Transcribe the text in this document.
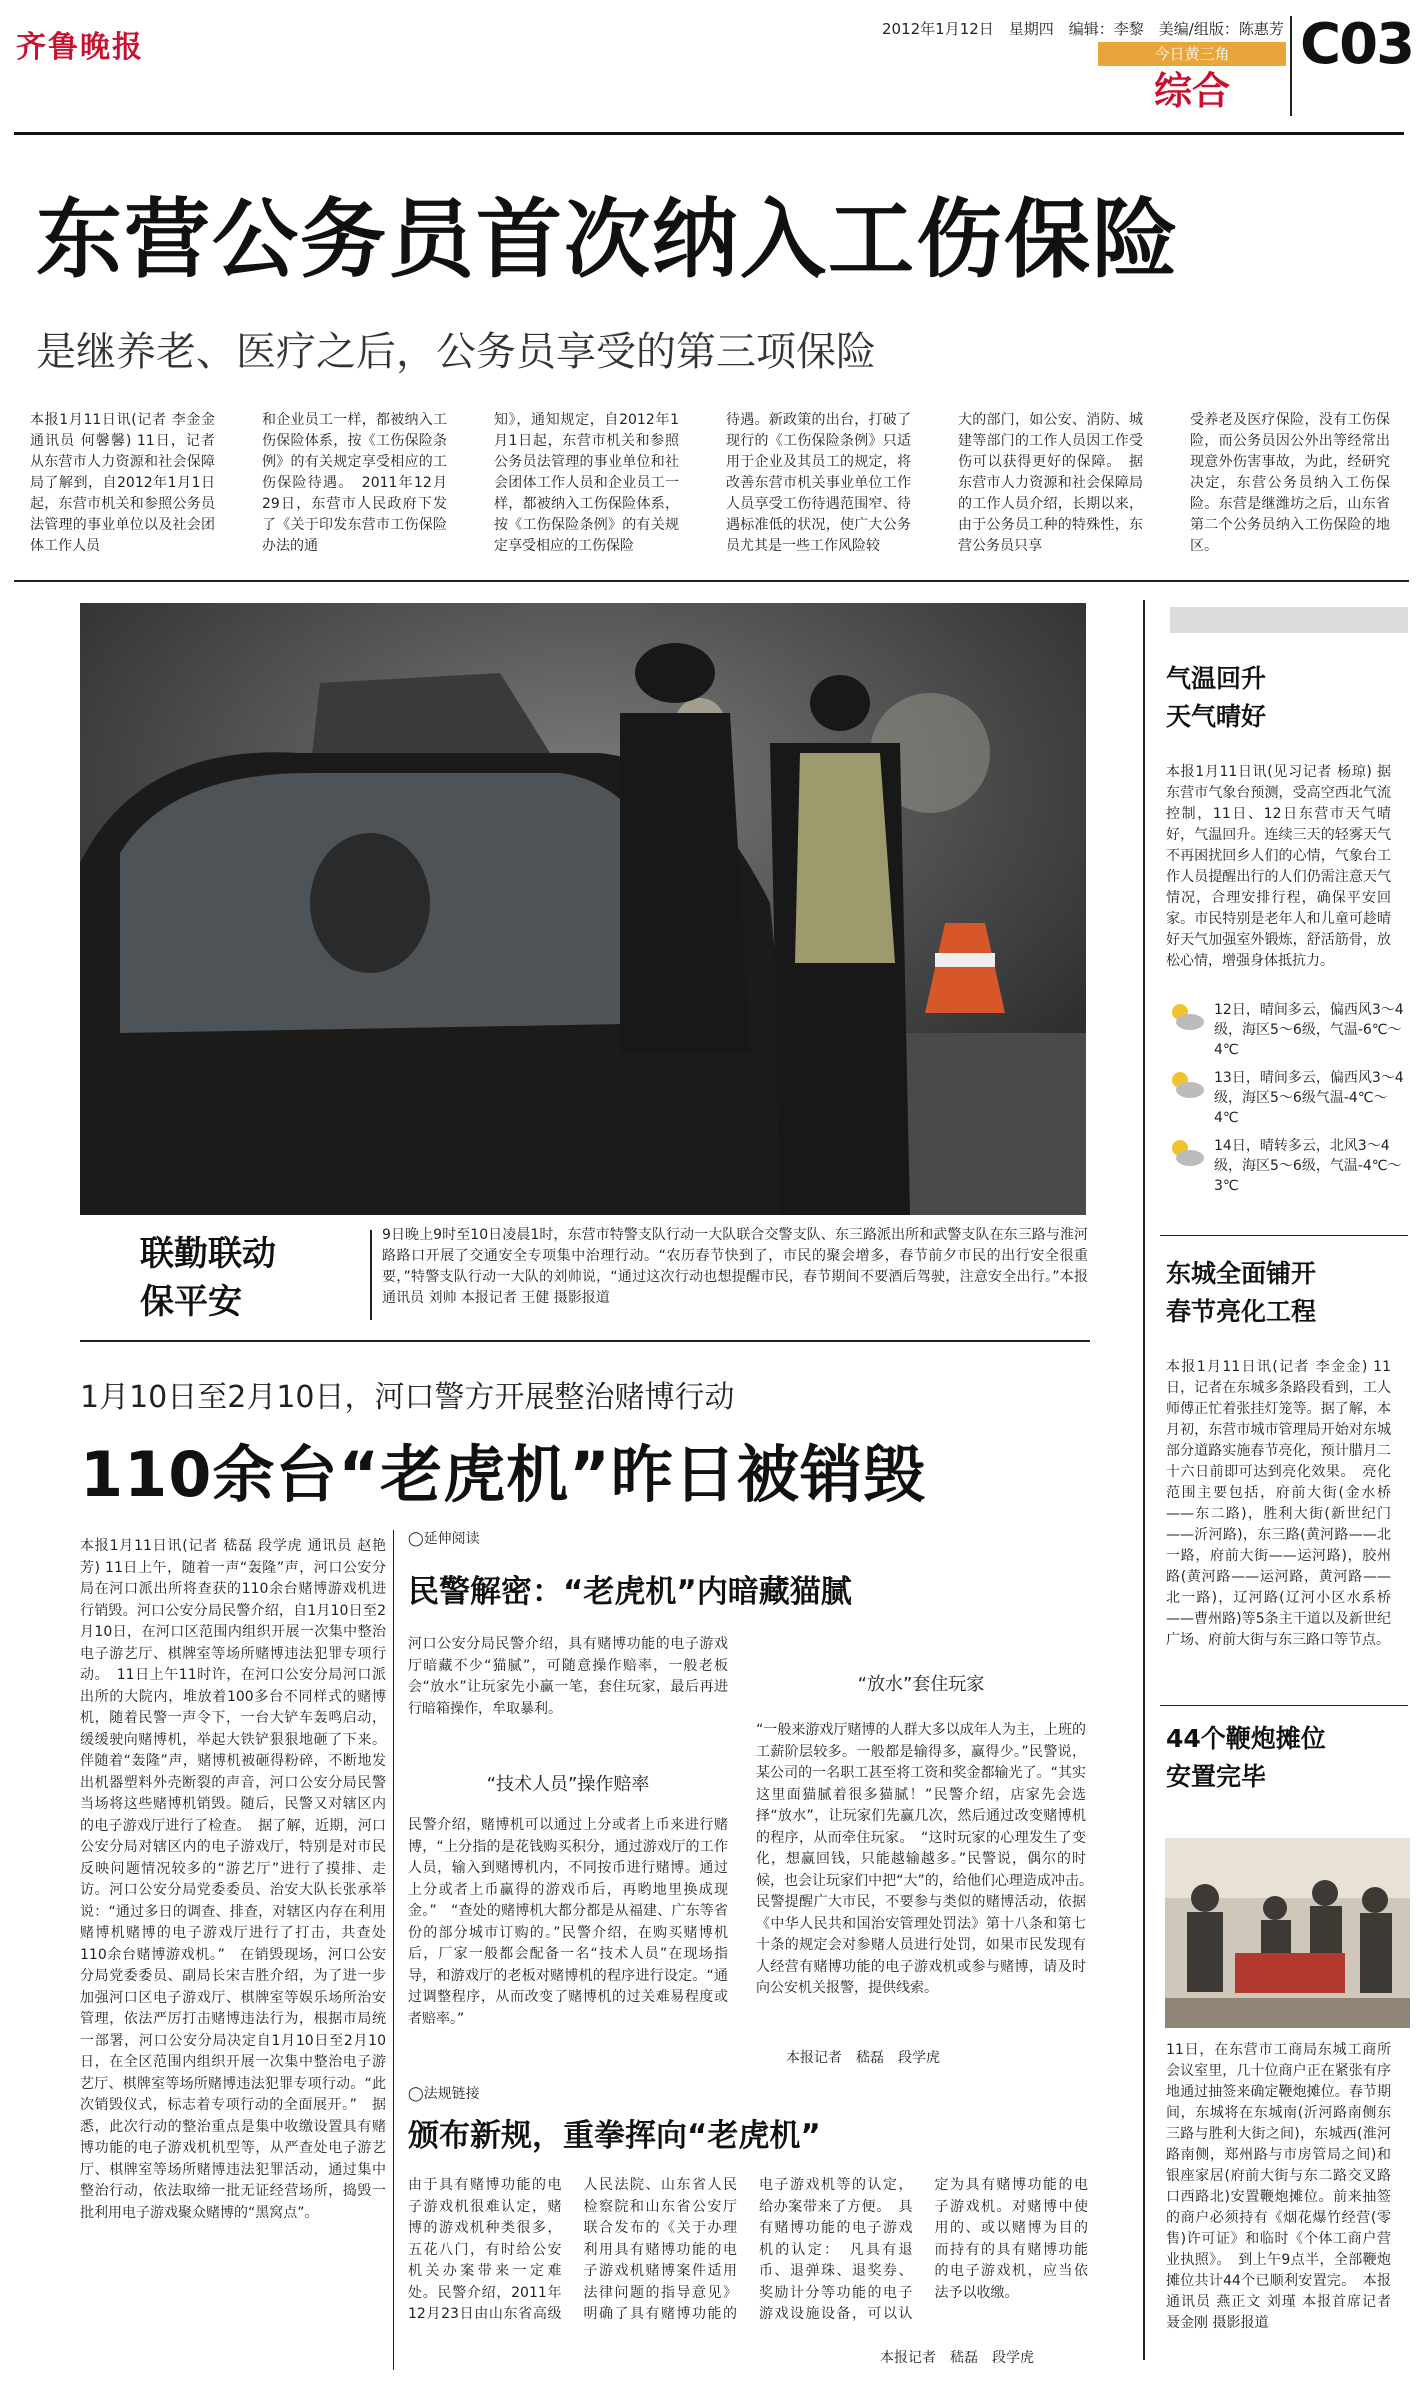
齐鲁晚报
2012年1月12日　星期四　编辑：李黎　美编/组版：陈惠芳
今日黄三角
综合
C03
东营公务员首次纳入工伤保险
是继养老、医疗之后，公务员享受的第三项保险
本报1月11日讯(记者 李金金 通讯员 何馨馨) 11日，记者从东营市人力资源和社会保障局了解到，自2012年1月1日起，东营市机关和参照公务员法管理的事业单位以及社会团体工作人员
和企业员工一样，都被纳入工伤保险体系，按《工伤保险条例》的有关规定享受相应的工伤保险待遇。　2011年12月29日，东营市人民政府下发了《关于印发东营市工伤保险办法的通
知》，通知规定，自2012年1月1日起，东营市机关和参照公务员法管理的事业单位和社会团体工作人员和企业员工一样，都被纳入工伤保险体系，按《工伤保险条例》的有关规定享受相应的工伤保险
待遇。新政策的出台，打破了现行的《工伤保险条例》只适用于企业及其员工的规定，将改善东营市机关事业单位工作人员享受工伤待遇范围窄、待遇标准低的状况，使广大公务员尤其是一些工作风险较
大的部门，如公安、消防、城建等部门的工作人员因工作受伤可以获得更好的保障。　据东营市人力资源和社会保障局的工作人员介绍，长期以来，由于公务员工种的特殊性，东营公务员只享
受养老及医疗保险，没有工伤保险，而公务员因公外出等经常出现意外伤害事故，为此，经研究决定，东营公务员纳入工伤保险。东营是继潍坊之后，山东省第二个公务员纳入工伤保险的地区。
联勤联动
保平安
9日晚上9时至10日凌晨1时，东营市特警支队行动一大队联合交警支队、东三路派出所和武警支队在东三路与淮河路路口开展了交通安全专项集中治理行动。“农历春节快到了，市民的聚会增多，春节前夕市民的出行安全很重要，”特警支队行动一大队的刘帅说，“通过这次行动也想提醒市民，春节期间不要酒后驾驶，注意安全出行。”本报通讯员 刘帅 本报记者 王健 摄影报道
气温回升
天气晴好
本报1月11日讯(见习记者 杨琼) 据东营市气象台预测，受高空西北气流控制，11日、12日东营市天气晴好，气温回升。连续三天的轻雾天气不再困扰回乡人们的心情，气象台工作人员提醒出行的人们仍需注意天气情况，合理安排行程，确保平安回家。市民特别是老年人和儿童可趁晴好天气加强室外锻炼，舒活筋骨，放松心情，增强身体抵抗力。
12日，晴间多云，偏西风3～4级，海区5～6级，气温-6℃～4℃
13日，晴间多云，偏西风3～4级，海区5～6级气温-4℃～4℃
14日，晴转多云，北风3～4级，海区5～6级，气温-4℃～3℃
东城全面铺开
春节亮化工程
本报1月11日讯(记者 李金金) 11日，记者在东城多条路段看到，工人师傅正忙着张挂灯笼等。据了解，本月初，东营市城市管理局开始对东城部分道路实施春节亮化，预计腊月二十六日前即可达到亮化效果。　亮化范围主要包括，府前大街(金水桥——东二路)，胜利大街(新世纪门——沂河路)，东三路(黄河路——北一路，府前大街——运河路)，胶州路(黄河路——运河路，黄河路——北一路)，辽河路(辽河小区水系桥——曹州路)等5条主干道以及新世纪广场、府前大街与东三路口等节点。
44个鞭炮摊位
安置完毕
11日，在东营市工商局东城工商所会议室里，几十位商户正在紧张有序地通过抽签来确定鞭炮摊位。春节期间，东城将在东城南(沂河路南侧东三路与胜利大街之间)，东城西(淮河路南侧，郑州路与市房管局之间)和银座家居(府前大街与东二路交叉路口西路北)安置鞭炮摊位。前来抽签的商户必须持有《烟花爆竹经营(零售)许可证》和临时《个体工商户营业执照》。　到上午9点半，全部鞭炮摊位共计44个已顺利安置完。　本报通讯员 燕正文 刘瑾 本报首席记者 聂金刚 摄影报道
1月10日至2月10日，河口警方开展整治赌博行动
110余台“老虎机”昨日被销毁
本报1月11日讯(记者 嵇磊 段学虎 通讯员 赵艳芳) 11日上午，随着一声“轰隆”声，河口公安分局在河口派出所将查获的110余台赌博游戏机进行销毁。河口公安分局民警介绍，自1月10日至2月10日，在河口区范围内组织开展一次集中整治电子游艺厅、棋牌室等场所赌博违法犯罪专项行动。　11日上午11时许，在河口公安分局河口派出所的大院内，堆放着100多台不同样式的赌博机，随着民警一声令下，一台大铲车轰鸣启动，缓缓驶向赌博机，举起大铁铲狠狠地砸了下来。伴随着“轰隆”声，赌博机被砸得粉碎，不断地发出机器塑料外壳断裂的声音，河口公安分局民警当场将这些赌博机销毁。随后，民警又对辖区内的电子游戏厅进行了检查。　据了解，近期，河口公安分局对辖区内的电子游戏厅，特别是对市民反映问题情况较多的“游艺厅”进行了摸排、走访。河口公安分局党委委员、治安大队长张承举说：“通过多日的调查、排查，对辖区内存在利用赌博机赌博的电子游戏厅进行了打击，共查处110余台赌博游戏机。”　在销毁现场，河口公安分局党委委员、副局长宋吉胜介绍，为了进一步加强河口区电子游戏厅、棋牌室等娱乐场所治安管理，依法严厉打击赌博违法行为，根据市局统一部署，河口公安分局决定自1月10日至2月10日，在全区范围内组织开展一次集中整治电子游艺厅、棋牌室等场所赌博违法犯罪专项行动。“此次销毁仪式，标志着专项行动的全面展开。”　据悉，此次行动的整治重点是集中收缴设置具有赌博功能的电子游戏机机型等，从严查处电子游艺厅、棋牌室等场所赌博违法犯罪活动，通过集中整治行动，依法取缔一批无证经营场所，捣毁一批利用电子游戏聚众赌博的“黑窝点”。
◯延伸阅读
民警解密：“老虎机”内暗藏猫腻
河口公安分局民警介绍，具有赌博功能的电子游戏厅暗藏不少“猫腻”，可随意操作赔率，一般老板会“放水”让玩家先小赢一笔，套住玩家，最后再进行暗箱操作，牟取暴利。
“技术人员”操作赔率
民警介绍，赌博机可以通过上分或者上币来进行赌博，“上分指的是花钱购买积分，通过游戏厅的工作人员，输入到赌博机内，不同按币进行赌博。通过上分或者上币赢得的游戏币后，再哟地里换成现金。”　“查处的赌博机大都分都是从福建、广东等省份的部分城市订购的。”民警介绍，在购买赌博机后，厂家一般都会配备一名“技术人员”在现场指导，和游戏厅的老板对赌博机的程序进行设定。“通过调整程序，从而改变了赌博机的过关难易程度或者赔率。”
“放水”套住玩家
“一般来游戏厅赌博的人群大多以成年人为主，上班的工薪阶层较多。一般都是输得多，赢得少。”民警说，某公司的一名职工甚至将工资和奖金都输光了。“其实这里面猫腻着很多猫腻！”民警介绍，店家先会选择“放水”，让玩家们先赢几次，然后通过改变赌博机的程序，从而牵住玩家。　“这时玩家的心理发生了变化，想赢回钱，只能越输越多。”民警说，偶尔的时候，也会让玩家们中把“大”的，给他们心理造成冲击。　民警提醒广大市民，不要参与类似的赌博活动，依据《中华人民共和国治安管理处罚法》第十八条和第七十条的规定会对参赌人员进行处罚，如果市民发现有人经营有赌博功能的电子游戏机或参与赌博，请及时向公安机关报警，提供线索。
本报记者　嵇磊　段学虎
◯法规链接
颁布新规，重拳挥向“老虎机”
由于具有赌博功能的电子游戏机很难认定，赌博的游戏机种类很多，五花八门，有时给公安机关办案带来一定难处。民警介绍，2011年12月23日由山东省高级人民法院、山东省人民检察院和山东省公安厅联合发布的《关于办理利用具有赌博功能的电子游戏机赌博案件适用法律问题的指导意见》明确了具有赌博功能的电子游戏机等的认定，给办案带来了方便。　具有赌博功能的电子游戏机的认定：　凡具有退币、退弹珠、退奖券、奖励计分等功能的电子游戏设施设备，可以认定为具有赌博功能的电子游戏机。对赌博中使用的、或以赌博为目的而持有的具有赌博功能的电子游戏机，应当依法予以收缴。
本报记者　嵇磊　段学虎
